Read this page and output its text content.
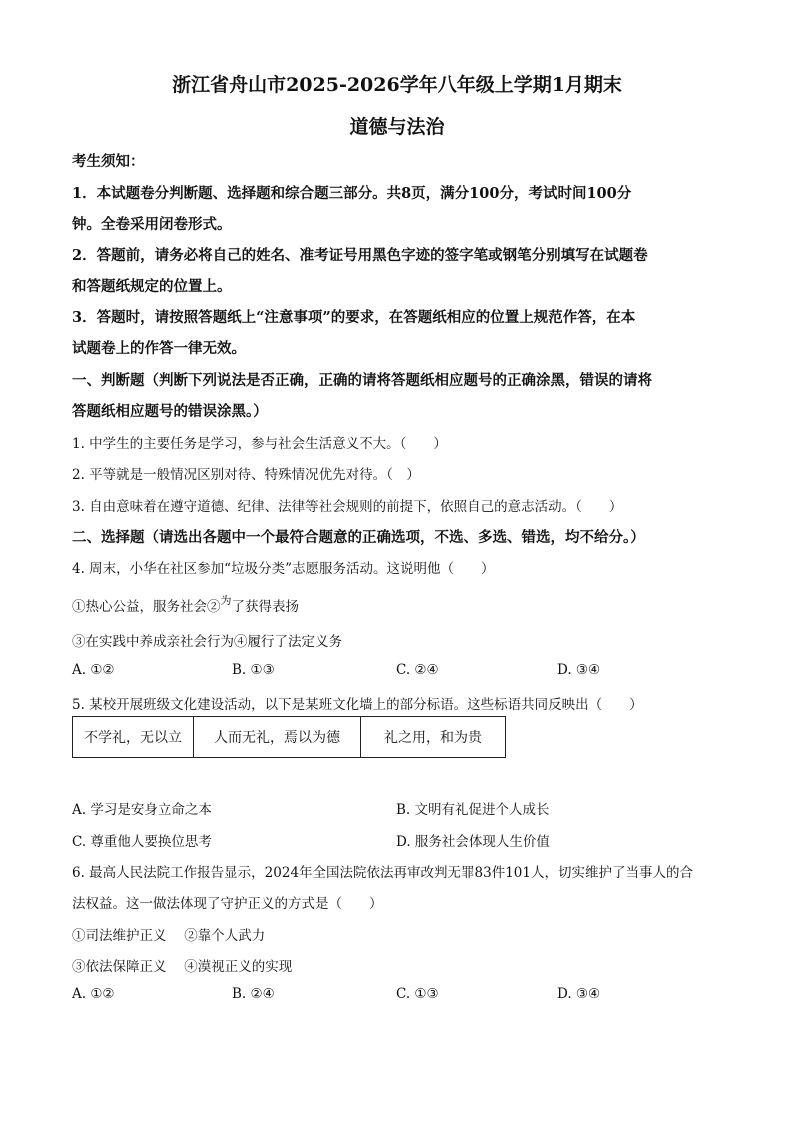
浙江省舟山市2025-2026学年八年级上学期1月期末
道德与法治
考生须知：
1．本试题卷分判断题、选择题和综合题三部分。共8页，满分100分，考试时间100分
钟。全卷采用闭卷形式。
2．答题前，请务必将自己的姓名、准考证号用黑色字迹的签字笔或钢笔分别填写在试题卷
和答题纸规定的位置上。
3．答题时，请按照答题纸上“注意事项”的要求，在答题纸相应的位置上规范作答，在本
试题卷上的作答一律无效。
一、判断题（判断下列说法是否正确，正确的请将答题纸相应题号的正确涂黑，错误的请将
答题纸相应题号的错误涂黑。）
1. 中学生的主要任务是学习，参与社会生活意义不大。（　　）
2. 平等就是一般情况区别对待、特殊情况优先对待。（　）
3. 自由意味着在遵守道德、纪律、法律等社会规则的前提下，依照自己的意志活动。（　　）
二、选择题（请选出各题中一个最符合题意的正确选项，不选、多选、错选，均不给分。）
4. 周末，小华在社区参加“垃圾分类”志愿服务活动。这说明他（　　）
①热心公益，服务社会②$^为$了获得表扬
③在实践中养成亲社会行为④履行了法定义务
A. ①②	B. ①③	C. ②④	D. ③④
5. 某校开展班级文化建设活动，以下是某班文化墙上的部分标语。这些标语共同反映出（　　）
不学礼，无以立	人而无礼，焉以为德	礼之用，和为贵
A. 学习是安身立命之本	B. 文明有礼促进个人成长
C. 尊重他人要换位思考	D. 服务社会体现人生价值
6. 最高人民法院工作报告显示，2024年全国法院依法再审改判无罪83件101人，切实维护了当事人的合
法权益。这一做法体现了守护正义的方式是（　　）
①司法维护正义　 ②靠个人武力
③依法保障正义　 ④漠视正义的实现
A. ①②	B. ②④	C. ①③	D. ③④
